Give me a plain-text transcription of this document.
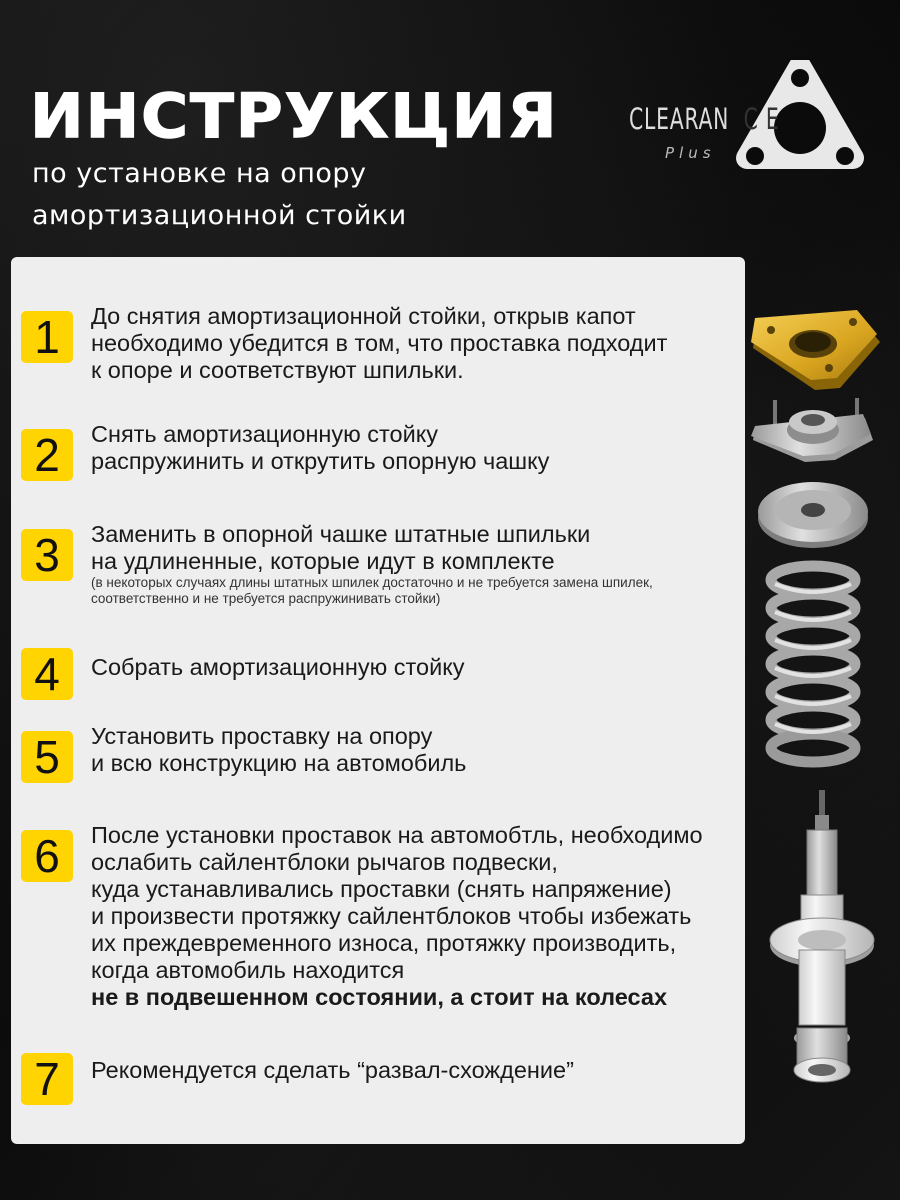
ИНСТРУКЦИЯ
по установке на опору
амортизационной стойки
CLEARAN C E
Plus
1	До снятия амортизационной стойки, открыв капот
необходимо убедится в том, что проставка подходит
к опоре и соответствуют шпильки.
2	Снять амортизационную стойку
распружинить и открутить опорную чашку
3	Заменить в опорной чашке штатные шпильки
на удлиненные, которые идут в комплекте
(в некоторых случаях длины штатных шпилек достаточно и не требуется замена шпилек,
соответственно и не требуется распружинивать стойки)
4	Собрать амортизационную стойку
5	Установить проставку на опору
и всю конструкцию на автомобиль
6	После установки проставок на автомобтль, необходимо
ослабить сайлентблоки рычагов подвески,
куда устанавливались проставки (снять напряжение)
и произвести протяжку сайлентблоков чтобы избежать
их преждевременного износа, протяжку производить,
когда автомобиль находится
не в подвешенном состоянии, а стоит на колесах
7	Рекомендуется сделать “развал-схождение”
